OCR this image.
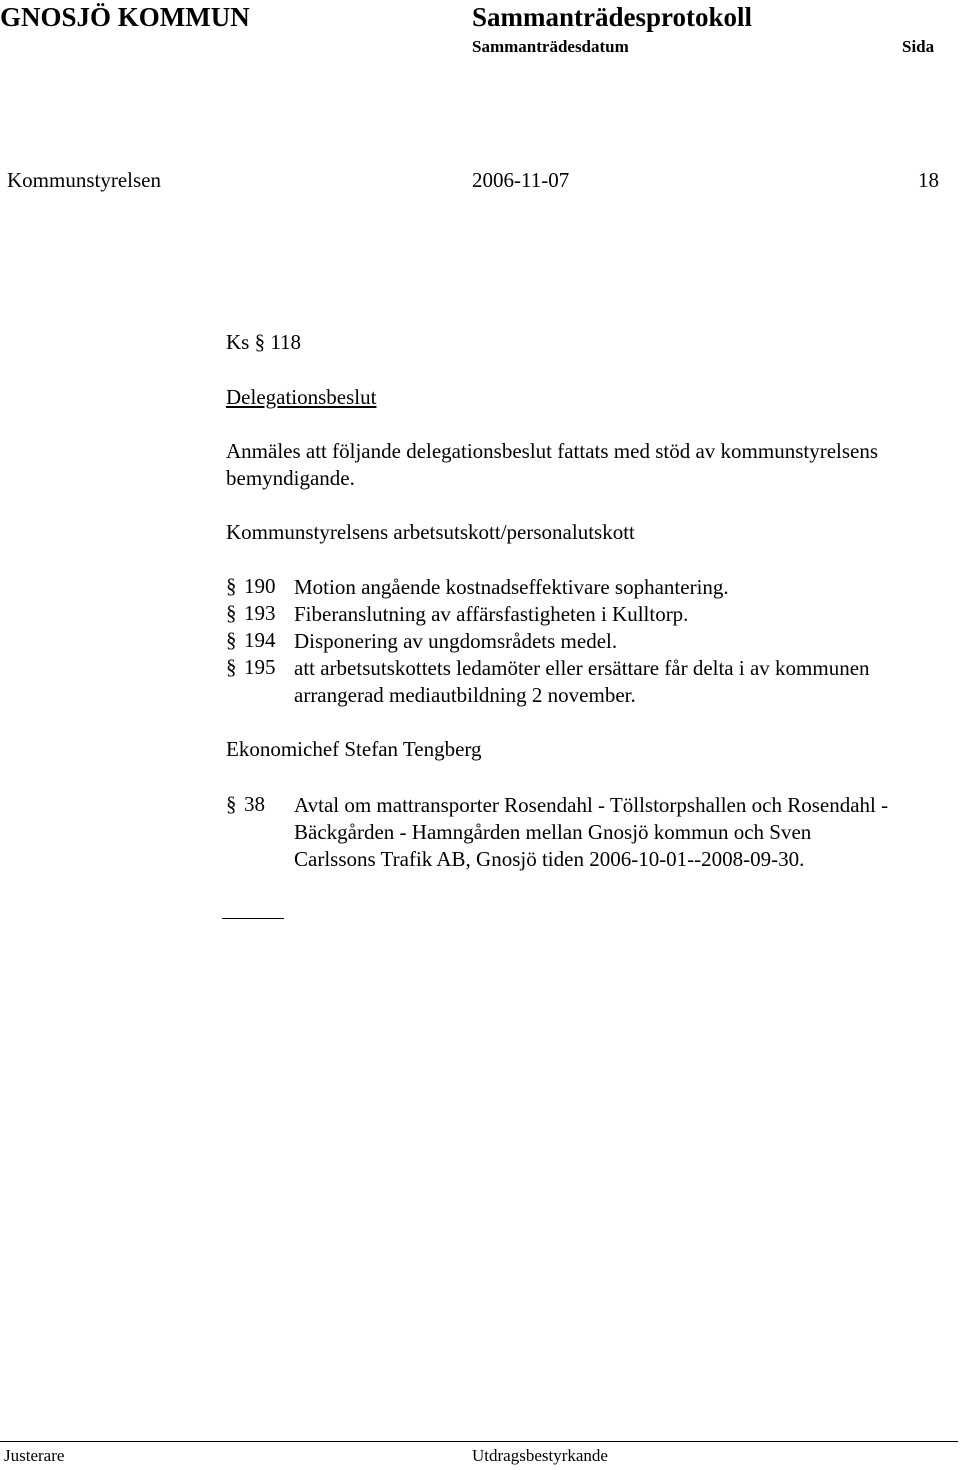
GNOSJÖ KOMMUN	Sammanträdesprotokoll
Sammanträdesdatum	Sida
Kommunstyrelsen	2006-11-07	18
Ks § 118
Delegationsbeslut
Anmäles att följande delegationsbeslut fattats med stöd av kommunstyrelsens
bemyndigande.
Kommunstyrelsens arbetsutskott/personalutskott
§ 190 Motion angående kostnadseffektivare sophantering.
§ 193 Fiberanslutning av affärsfastigheten i Kulltorp.
§ 194 Disponering av ungdomsrådets medel.
§ 195 att arbetsutskottets ledamöter eller ersättare får delta i av kommunen
arrangerad mediautbildning 2 november.
Ekonomichef Stefan Tengberg
§ 38 Avtal om mattransporter Rosendahl - Töllstorpshallen och Rosendahl -
Bäckgården - Hamngården mellan Gnosjö kommun och Sven
Carlssons Trafik AB, Gnosjö tiden 2006-10-01--2008-09-30.
Justerare	Utdragsbestyrkande
